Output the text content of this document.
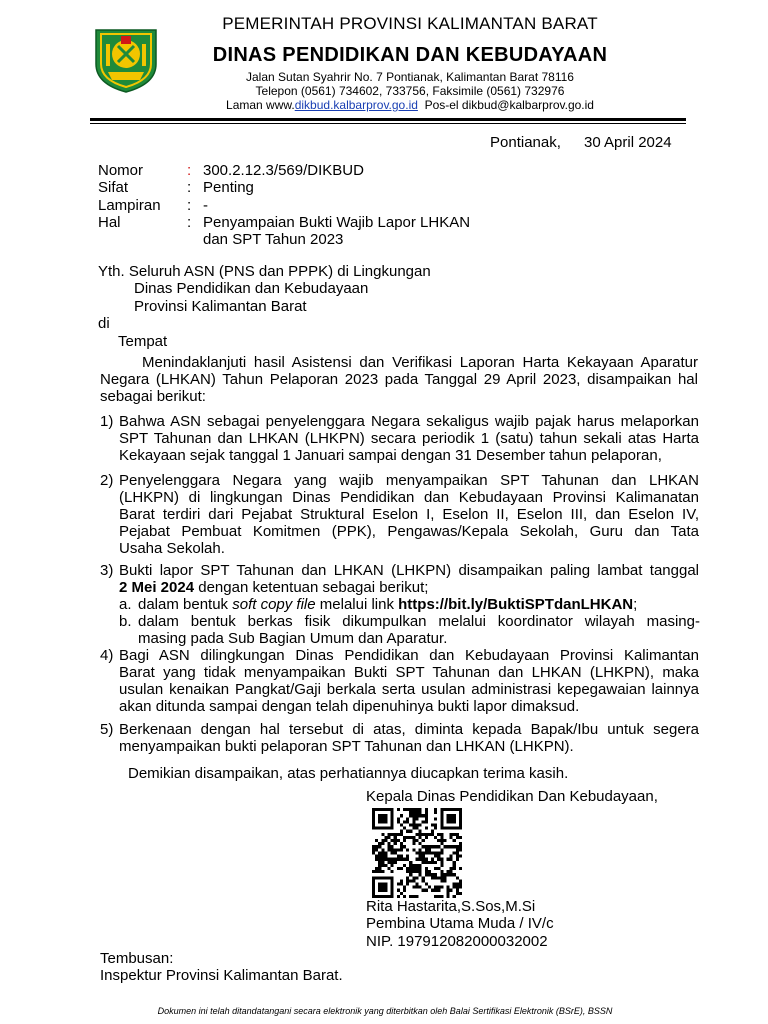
PEMERINTAH PROVINSI KALIMANTAN BARAT
DINAS PENDIDIKAN DAN KEBUDAYAAN
Jalan Sutan Syahrir No. 7 Pontianak, Kalimantan Barat 78116
Telepon (0561) 734602, 733756, Faksimile (0561) 732976
Laman www.dikbud.kalbarprov.go.id Pos-el dikbud@kalbarprov.go.id
Pontianak, 30 April 2024
Nomor	: 300.2.12.3/569/DIKBUD
Sifat	: Penting
Lampiran	: -
Hal	: Penyampaian Bukti Wajib Lapor LHKAN
dan SPT Tahun 2023
Yth. Seluruh ASN (PNS dan PPPK) di Lingkungan
Dinas Pendidikan dan Kebudayaan
Provinsi Kalimantan Barat
di
Tempat
Menindaklanjuti hasil Asistensi dan Verifikasi Laporan Harta Kekayaan Aparatur
Negara (LHKAN) Tahun Pelaporan 2023 pada Tanggal 29 April 2023, disampaikan hal
sebagai berikut:
1) Bahwa ASN sebagai penyelenggara Negara sekaligus wajib pajak harus melaporkan
SPT Tahunan dan LHKAN (LHKPN) secara periodik 1 (satu) tahun sekali atas Harta
Kekayaan sejak tanggal 1 Januari sampai dengan 31 Desember tahun pelaporan,
2) Penyelenggara Negara yang wajib menyampaikan SPT Tahunan dan LHKAN
(LHKPN) di lingkungan Dinas Pendidikan dan Kebudayaan Provinsi Kalimanatan
Barat terdiri dari Pejabat Struktural Eselon I, Eselon II, Eselon III, dan Eselon IV,
Pejabat Pembuat Komitmen (PPK), Pengawas/Kepala Sekolah, Guru dan Tata
Usaha Sekolah.
3) Bukti lapor SPT Tahunan dan LHKAN (LHKPN) disampaikan paling lambat tanggal
2 Mei 2024 dengan ketentuan sebagai berikut;
a. dalam bentuk soft copy file melalui link https://bit.ly/BuktiSPTdanLHKAN;
b. dalam bentuk berkas fisik dikumpulkan melalui koordinator wilayah masing-
masing pada Sub Bagian Umum dan Aparatur.
4) Bagi ASN dilingkungan Dinas Pendidikan dan Kebudayaan Provinsi Kalimantan
Barat yang tidak menyampaikan Bukti SPT Tahunan dan LHKAN (LHKPN), maka
usulan kenaikan Pangkat/Gaji berkala serta usulan administrasi kepegawaian lainnya
akan ditunda sampai dengan telah dipenuhinya bukti lapor dimaksud.
5) Berkenaan dengan hal tersebut di atas, diminta kepada Bapak/Ibu untuk segera
menyampaikan bukti pelaporan SPT Tahunan dan LHKAN (LHKPN).
Demikian disampaikan, atas perhatiannya diucapkan terima kasih.
Kepala Dinas Pendidikan Dan Kebudayaan,
Rita Hastarita,S.Sos,M.Si
Pembina Utama Muda / IV/c
NIP. 197912082000032002
Tembusan:
Inspektur Provinsi Kalimantan Barat.
Dokumen ini telah ditandatangani secara elektronik yang diterbitkan oleh Balai Sertifikasi Elektronik (BSrE), BSSN
